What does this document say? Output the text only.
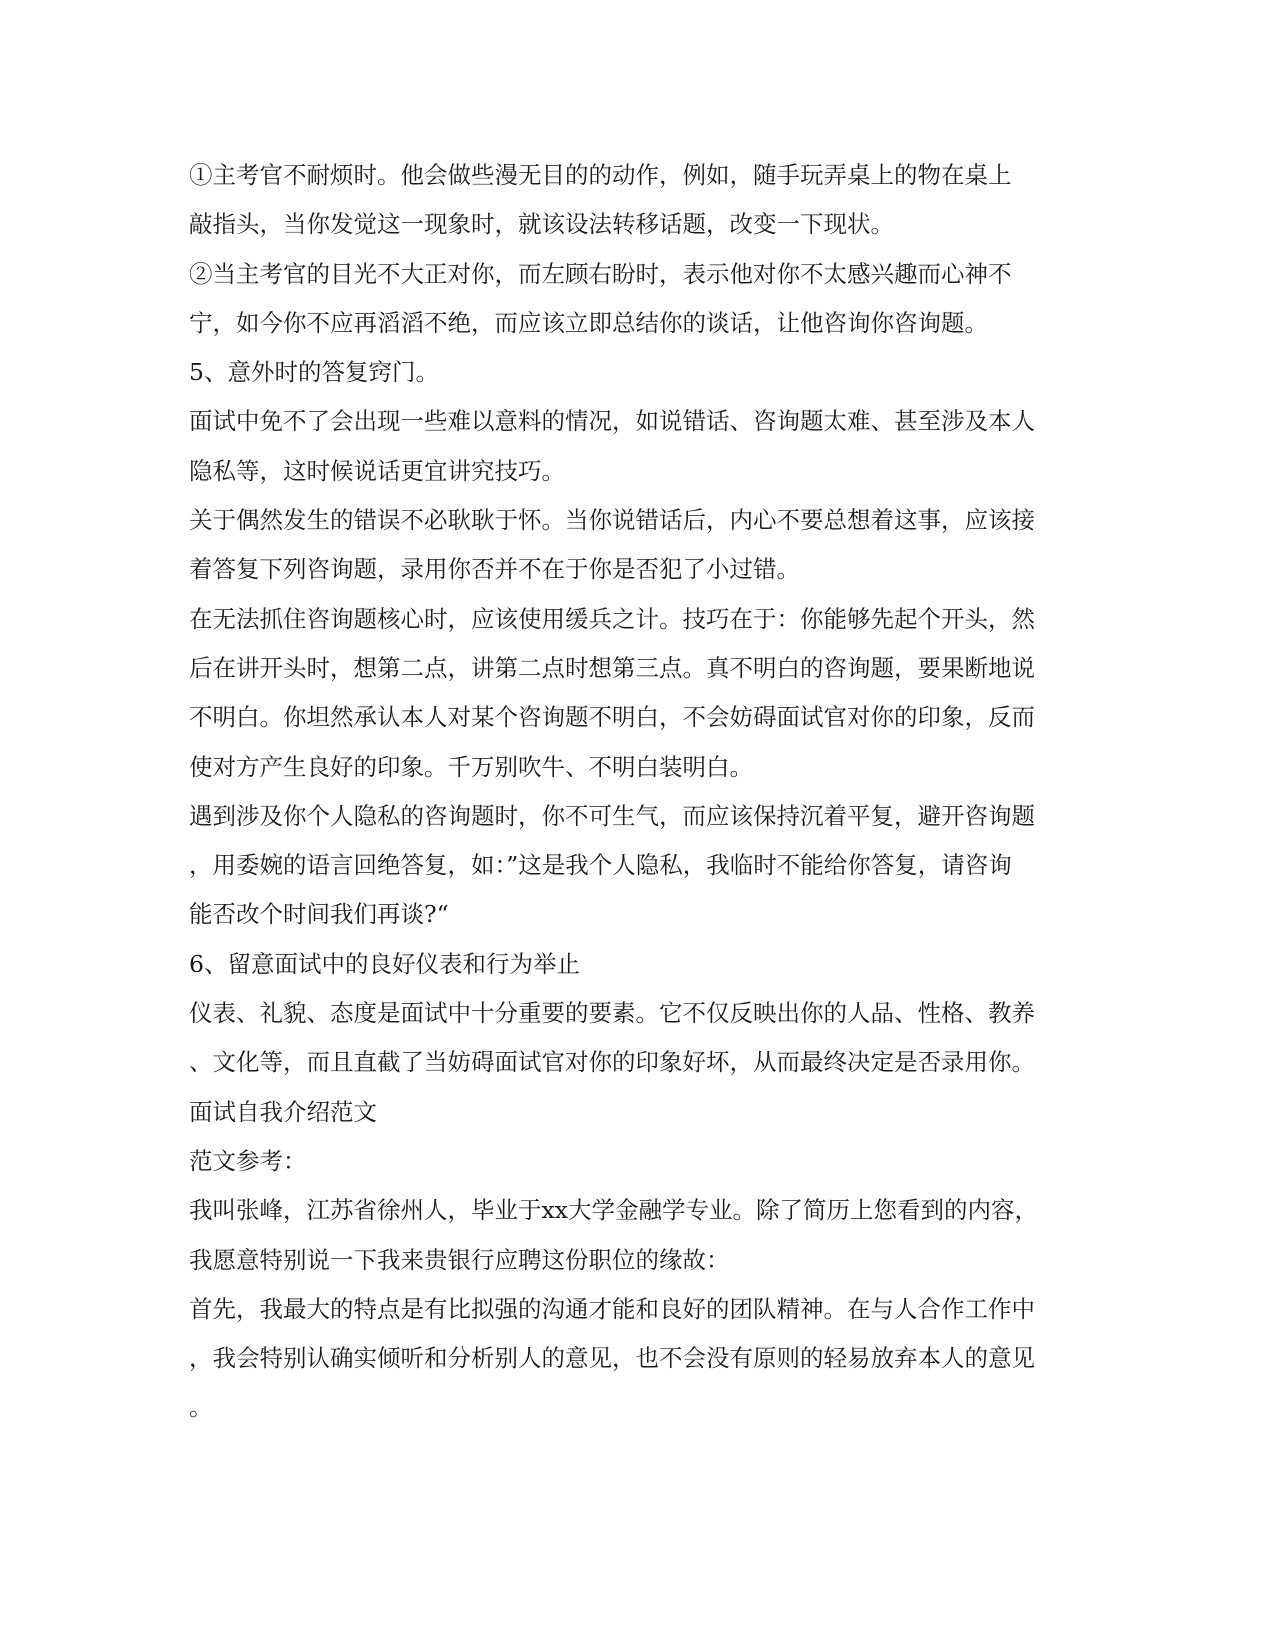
①主考官不耐烦时。他会做些漫无目的的动作，例如，随手玩弄桌上的物在桌上
敲指头，当你发觉这一现象时，就该设法转移话题，改变一下现状。
②当主考官的目光不大正对你，而左顾右盼时，表示他对你不太感兴趣而心神不
宁，如今你不应再滔滔不绝，而应该立即总结你的谈话，让他咨询你咨询题。
5、意外时的答复窍门。
面试中免不了会出现一些难以意料的情况，如说错话、咨询题太难、甚至涉及本人
隐私等，这时候说话更宜讲究技巧。
关于偶然发生的错误不必耿耿于怀。当你说错话后，内心不要总想着这事，应该接
着答复下列咨询题，录用你否并不在于你是否犯了小过错。
在无法抓住咨询题核心时，应该使用缓兵之计。技巧在于：你能够先起个开头，然
后在讲开头时，想第二点，讲第二点时想第三点。真不明白的咨询题，要果断地说
不明白。你坦然承认本人对某个咨询题不明白，不会妨碍面试官对你的印象，反而
使对方产生良好的印象。千万别吹牛、不明白装明白。
遇到涉及你个人隐私的咨询题时，你不可生气，而应该保持沉着平复，避开咨询题
，用委婉的语言回绝答复，如：”这是我个人隐私，我临时不能给你答复，请咨询
能否改个时间我们再谈?“
6、留意面试中的良好仪表和行为举止
仪表、礼貌、态度是面试中十分重要的要素。它不仅反映出你的人品、性格、教养
、文化等，而且直截了当妨碍面试官对你的印象好坏，从而最终决定是否录用你。
面试自我介绍范文
范文参考：
我叫张峰，江苏省徐州人，毕业于xx大学金融学专业。除了简历上您看到的内容，
我愿意特别说一下我来贵银行应聘这份职位的缘故：
首先，我最大的特点是有比拟强的沟通才能和良好的团队精神。在与人合作工作中
，我会特别认确实倾听和分析别人的意见，也不会没有原则的轻易放弃本人的意见
。
